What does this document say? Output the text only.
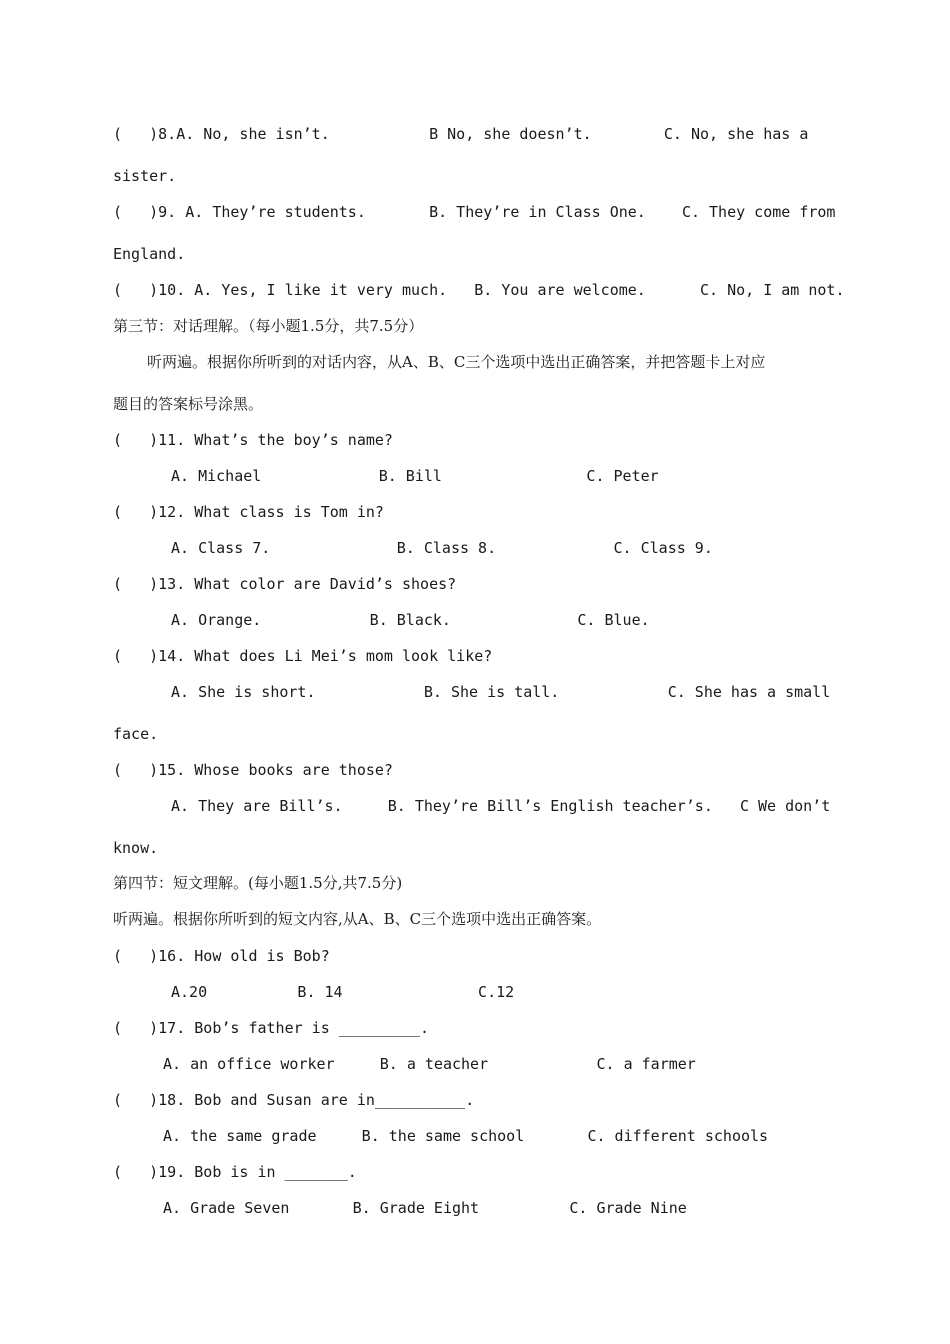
(   )8.A. No, she isn’t.           B No, she doesn’t.        C. No, she has a
sister.
(   )9. A. They’re students.       B. They’re in Class One.    C. They come from
England.
(   )10. A. Yes, I like it very much.   B. You are welcome.      C. No, I am not.
第三节：对话理解。（每小题1.5分，共7.5分）
听两遍。根据你所听到的对话内容，从A、B、C三个选项中选出正确答案，并把答题卡上对应
题目的答案标号涂黑。
(   )11. What’s the boy’s name?
A. Michael             B. Bill                C. Peter
(   )12. What class is Tom in?
A. Class 7.              B. Class 8.             C. Class 9.
(   )13. What color are David’s shoes?
A. Orange.            B. Black.              C. Blue.
(   )14. What does Li Mei’s mom look like?
A. She is short.            B. She is tall.            C. She has a small
face.
(   )15. Whose books are those?
A. They are Bill’s.     B. They’re Bill’s English teacher’s.   C We don’t
know.
第四节：短文理解。(每小题1.5分,共7.5分)
听两遍。根据你所听到的短文内容,从A、B、C三个选项中选出正确答案。
(   )16. How old is Bob?
A.20          B. 14               C.12
(   )17. Bob’s father is _________.
A. an office worker     B. a teacher            C. a farmer
(   )18. Bob and Susan are in__________.
A. the same grade     B. the same school       C. different schools
(   )19. Bob is in _______.
A. Grade Seven       B. Grade Eight          C. Grade Nine
